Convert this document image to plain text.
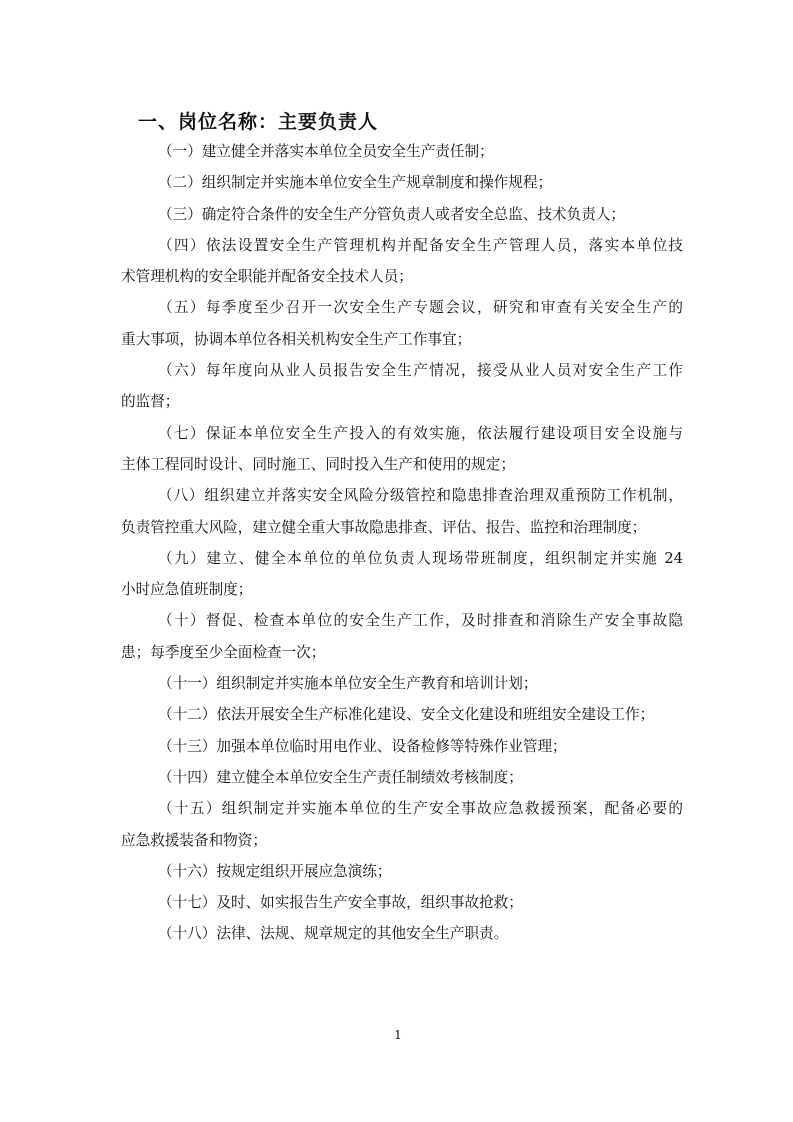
一、岗位名称：主要负责人
（一）建立健全并落实本单位全员安全生产责任制；
（二）组织制定并实施本单位安全生产规章制度和操作规程；
（三）确定符合条件的安全生产分管负责人或者安全总监、技术负责人；
（四）依法设置安全生产管理机构并配备安全生产管理人员，落实本单位技
术管理机构的安全职能并配备安全技术人员；
（五）每季度至少召开一次安全生产专题会议，研究和审查有关安全生产的
重大事项，协调本单位各相关机构安全生产工作事宜；
（六）每年度向从业人员报告安全生产情况，接受从业人员对安全生产工作
的监督；
（七）保证本单位安全生产投入的有效实施，依法履行建设项目安全设施与
主体工程同时设计、同时施工、同时投入生产和使用的规定；
（八）组织建立并落实安全风险分级管控和隐患排查治理双重预防工作机制，
负责管控重大风险，建立健全重大事故隐患排查、评估、报告、监控和治理制度；
（九）建立、健全本单位的单位负责人现场带班制度，组织制定并实施 24
小时应急值班制度；
（十）督促、检查本单位的安全生产工作，及时排查和消除生产安全事故隐
患；每季度至少全面检查一次；
（十一）组织制定并实施本单位安全生产教育和培训计划；
（十二）依法开展安全生产标准化建设、安全文化建设和班组安全建设工作；
（十三）加强本单位临时用电作业、设备检修等特殊作业管理；
（十四）建立健全本单位安全生产责任制绩效考核制度；
（十五）组织制定并实施本单位的生产安全事故应急救援预案，配备必要的
应急救援装备和物资；
（十六）按规定组织开展应急演练；
（十七）及时、如实报告生产安全事故，组织事故抢救；
（十八）法律、法规、规章规定的其他安全生产职责。
1
